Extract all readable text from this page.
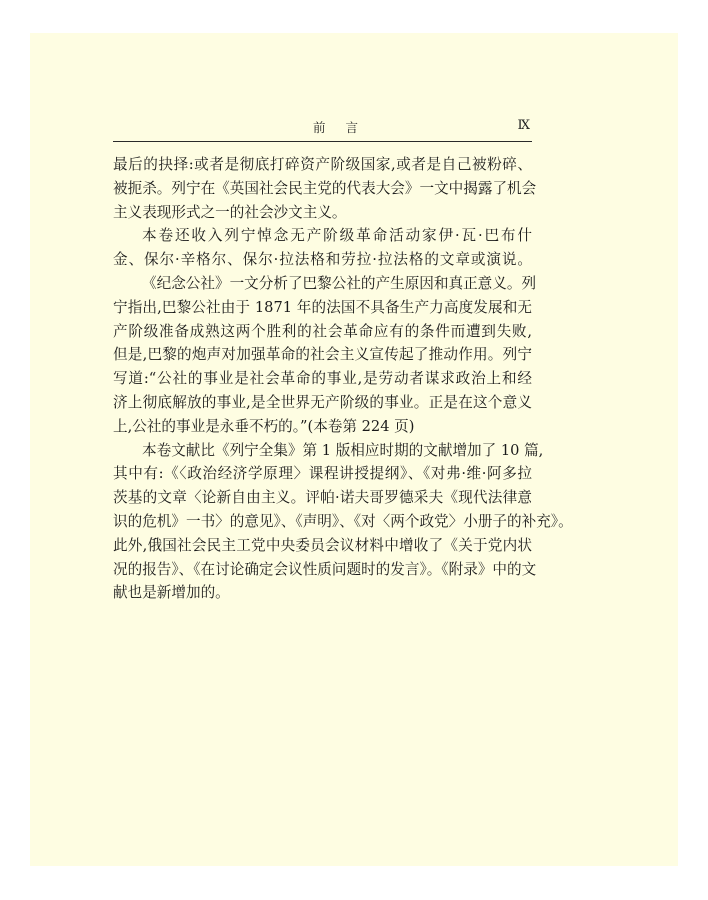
前言	Ⅸ
最后的抉择:或者是彻底打碎资产阶级国家,或者是自己被粉碎、
被扼杀。列宁在《英国社会民主党的代表大会》一文中揭露了机会
主义表现形式之一的社会沙文主义。
本卷还收入列宁悼念无产阶级革命活动家伊·瓦·巴布什
金、保尔·辛格尔、保尔·拉法格和劳拉·拉法格的文章或演说。
《纪念公社》一文分析了巴黎公社的产生原因和真正意义。列
宁指出,巴黎公社由于 1871 年的法国不具备生产力高度发展和无
产阶级准备成熟这两个胜利的社会革命应有的条件而遭到失败,
但是,巴黎的炮声对加强革命的社会主义宣传起了推动作用。列宁
写道:“公社的事业是社会革命的事业,是劳动者谋求政治上和经
济上彻底解放的事业,是全世界无产阶级的事业。正是在这个意义
上,公社的事业是永垂不朽的。”(本卷第 224 页)
本卷文献比《列宁全集》第 1 版相应时期的文献增加了 10 篇,
其中有:《〈政治经济学原理〉课程讲授提纲》、《对弗·维·阿多拉
茨基的文章〈论新自由主义。评帕·诺夫哥罗德采夫《现代法律意
识的危机》一书〉的意见》、《声明》、《对〈两个政党〉小册子的补充》。
此外,俄国社会民主工党中央委员会议材料中增收了《关于党内状
况的报告》、《在讨论确定会议性质问题时的发言》。《附录》中的文
献也是新增加的。
